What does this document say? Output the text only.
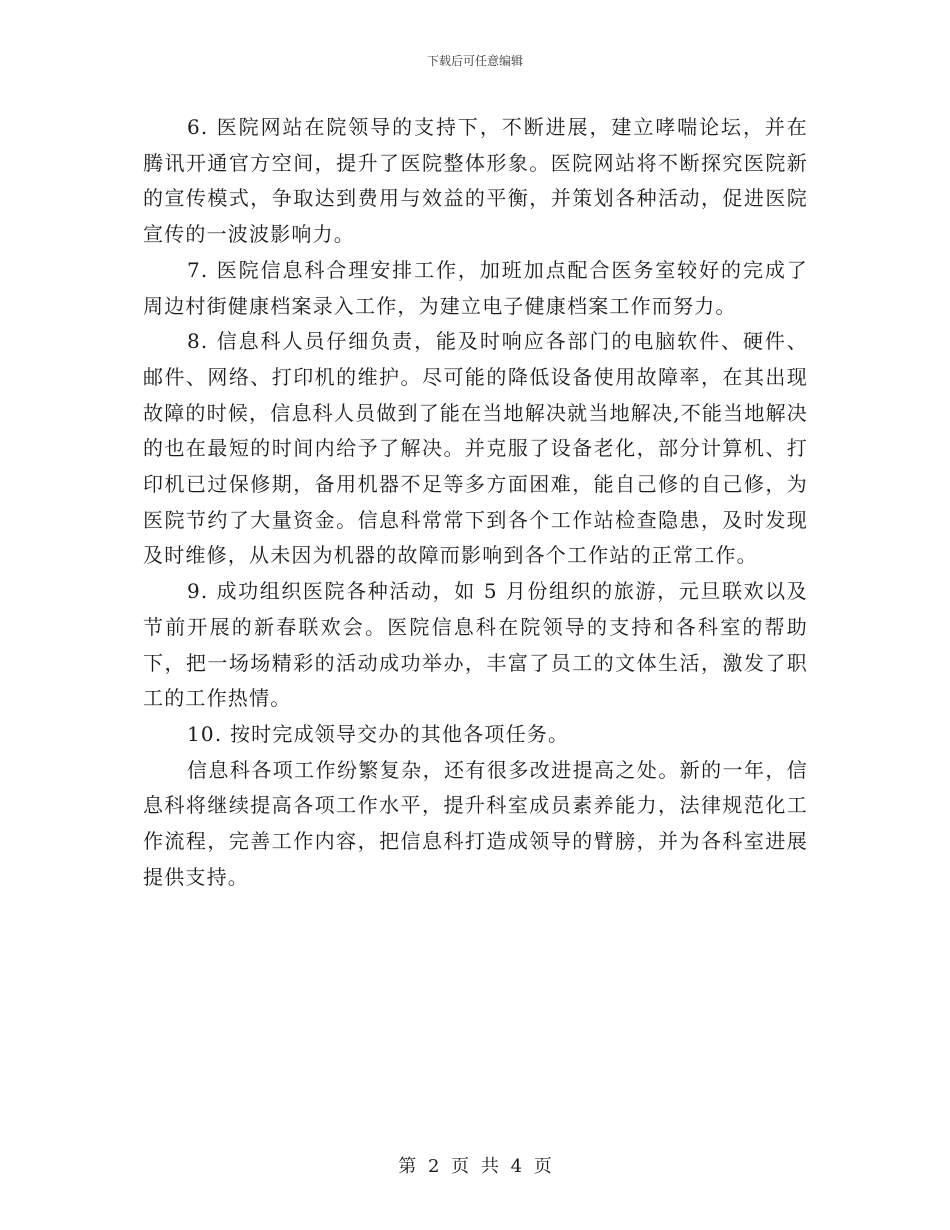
下载后可任意编辑

6. 医院网站在院领导的支持下，不断进展，建立哮喘论坛，并在腾讯开通官方空间，提升了医院整体形象。医院网站将不断探究医院新的宣传模式，争取达到费用与效益的平衡，并策划各种活动，促进医院宣传的一波波影响力。

7. 医院信息科合理安排工作，加班加点配合医务室较好的完成了周边村街健康档案录入工作，为建立电子健康档案工作而努力。

8. 信息科人员仔细负责，能及时响应各部门的电脑软件、硬件、邮件、网络、打印机的维护。尽可能的降低设备使用故障率，在其出现故障的时候，信息科人员做到了能在当地解决就当地解决,不能当地解决的也在最短的时间内给予了解决。并克服了设备老化，部分计算机、打印机已过保修期，备用机器不足等多方面困难，能自己修的自己修，为医院节约了大量资金。信息科常常下到各个工作站检查隐患，及时发现及时维修，从未因为机器的故障而影响到各个工作站的正常工作。

9. 成功组织医院各种活动，如 5 月份组织的旅游，元旦联欢以及节前开展的新春联欢会。医院信息科在院领导的支持和各科室的帮助下，把一场场精彩的活动成功举办，丰富了员工的文体生活，激发了职工的工作热情。

10. 按时完成领导交办的其他各项任务。

信息科各项工作纷繁复杂，还有很多改进提高之处。新的一年，信息科将继续提高各项工作水平，提升科室成员素养能力，法律规范化工作流程，完善工作内容，把信息科打造成领导的臂膀，并为各科室进展提供支持。

第 2 页 共 4 页
